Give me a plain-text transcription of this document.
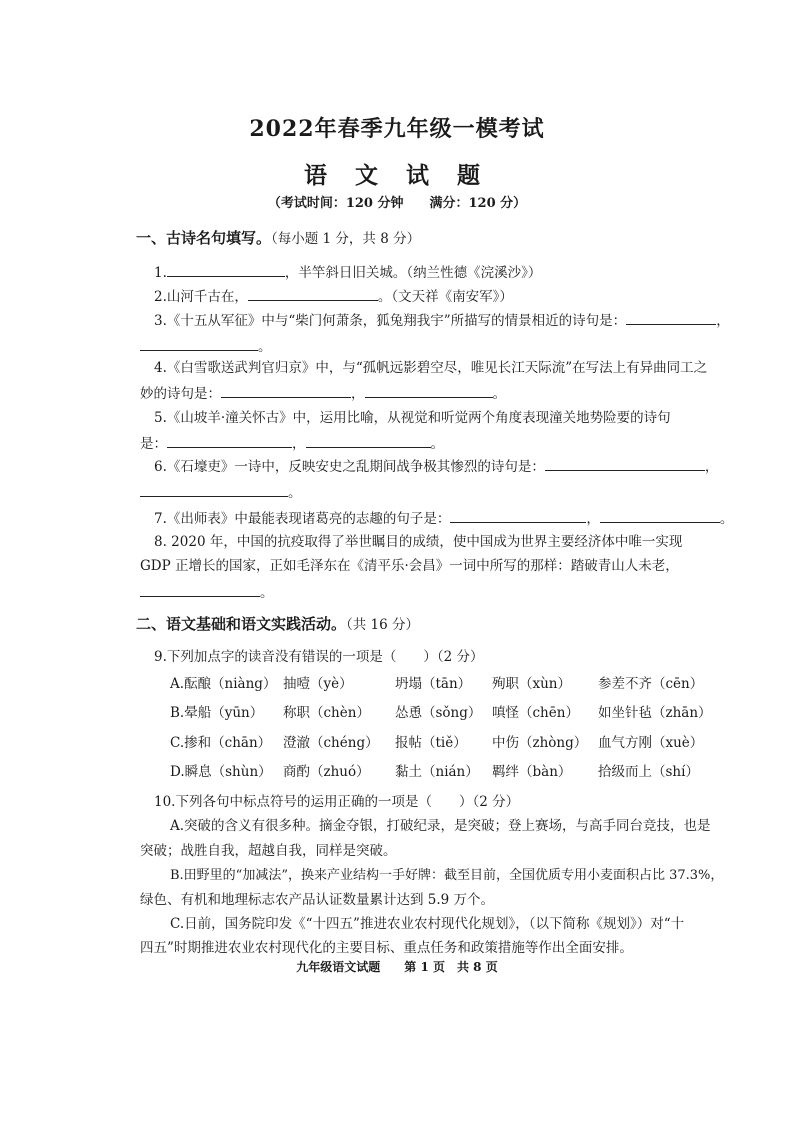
2022年春季九年级一模考试
语 文 试 题
（考试时间：120 分钟　　满分：120 分）
一、古诗名句填写。（每小题 1 分，共 8 分）
1.	，半竿斜日旧关城。（纳兰性德《浣溪沙》）
2.山河千古在，	。（文天祥《南安军》）
3.《十五从军征》中与“柴门何萧条，狐兔翔我宇”所描写的情景相近的诗句是：	，
。
4.《白雪歌送武判官归京》中，与“孤帆远影碧空尽，唯见长江天际流”在写法上有异曲同工之
妙的诗句是：	，	。
5.《山坡羊·潼关怀古》中，运用比喻，从视觉和听觉两个角度表现潼关地势险要的诗句
是：	，	。
6.《石壕吏》一诗中，反映安史之乱期间战争极其惨烈的诗句是：	，
。
7.《出师表》中最能表现诸葛亮的志趣的句子是：	，	。
8. 2020 年，中国的抗疫取得了举世瞩目的成绩，使中国成为世界主要经济体中唯一实现
GDP 正增长的国家，正如毛泽东在《清平乐·会昌》一词中所写的那样：踏破青山人未老，
。
二、语文基础和语文实践活动。（共 16 分）
9.下列加点字的读音没有错误的一项是（　　）（2 分）
A.酝酿（niàng） 抽噎（yè）	坍塌（tān） 殉职（xùn） 参差不齐（cēn）
B.晕船（yūn） 称职（chèn） 怂恿（sǒng） 嗔怪（chēn） 如坐针毡（zhān）
C.掺和（chān） 澄澈（chéng） 报帖（tiě） 中伤（zhòng） 血气方刚（xuè）
D.瞬息（shùn） 商酌（zhuó） 黏土（nián） 羁绊（bàn） 拾级而上（shí）
10.下列各句中标点符号的运用正确的一项是（　　）（2 分）
A.突破的含义有很多种。摘金夺银，打破纪录，是突破；登上赛场，与高手同台竞技，也是
突破；战胜自我，超越自我，同样是突破。
B.田野里的“加减法”，换来产业结构一手好牌：截至目前，全国优质专用小麦面积占比 37.3%，
绿色、有机和地理标志农产品认证数量累计达到 5.9 万个。
C.日前，国务院印发《“十四五”推进农业农村现代化规划》，（以下简称《规划》）对“十
四五”时期推进农业农村现代化的主要目标、重点任务和政策措施等作出全面安排。
九年级语文试题　　第 1 页　共 8 页
